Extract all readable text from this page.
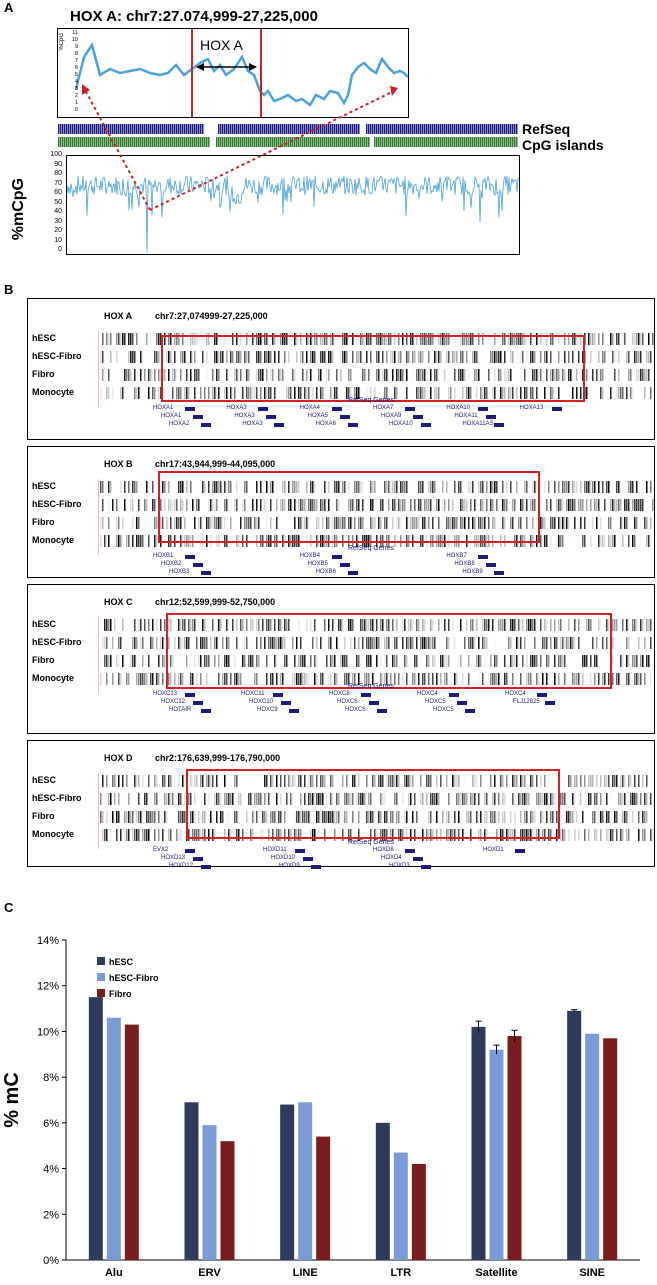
A
HOX A: chr7:27.074,999-27,225,000
%CpG	HOX A
11
10
9
8
7
6
5
4
3
2
1
0
RefSeq
CpG islands
100
90
80
70
60
50
40
30
20
10
0
%mCpG
B
HOX A	chr7:27,074999-27,225,000
hESC
hESC-Fibro
Fibro
Monocyte
RefSeq Genes
HOXA1
HOXA1
HOXA2
HOXA3
HOXA3
HOXA3
HOXA4
HOXA5
HOXA6
HOXA7
HOXA9
HOXA10
HOXA10
HOXA11
HOXA11AS
HOXA13
HOX B chr17:43,944,999-44,095,000
hESC
hESC-Fibro
Fibro
Monocyte
RefSeq Genes
HOXB1
HOXB2
HOXB3
HOXB4
HOXB5
HOXB6
HOXB7
HOXB8
HOXB9
HOX C chr12:52,599,999-52,750,000
hESC
hESC-Fibro
Fibro
Monocyte
RefSeq Genes
HOXC13
HOXC12
HOTAIR
HOXC11
HOXC10
HOXC9
HOXC8
HOXC6
HOXC6
HOXC4
HOXC5
HOXC5
HOXC4
FLJ12825
HOX D chr2:176,639,999-176,790,000
hESC
hESC-Fibro
Fibro
Monocyte
RefSeq Genes
EVX2
HOXD13
HOXD12
HOXD11
HOXD10
HOXD9
HOXD8
HOXD4
HOXD3
HOXD1
C
0%
2%
4%
6%
8%
10%
12%
14%
% mC
Alu	ERV	LINE	LTR	Satellite	SINE
hESC
hESC-Fibro
Fibro
